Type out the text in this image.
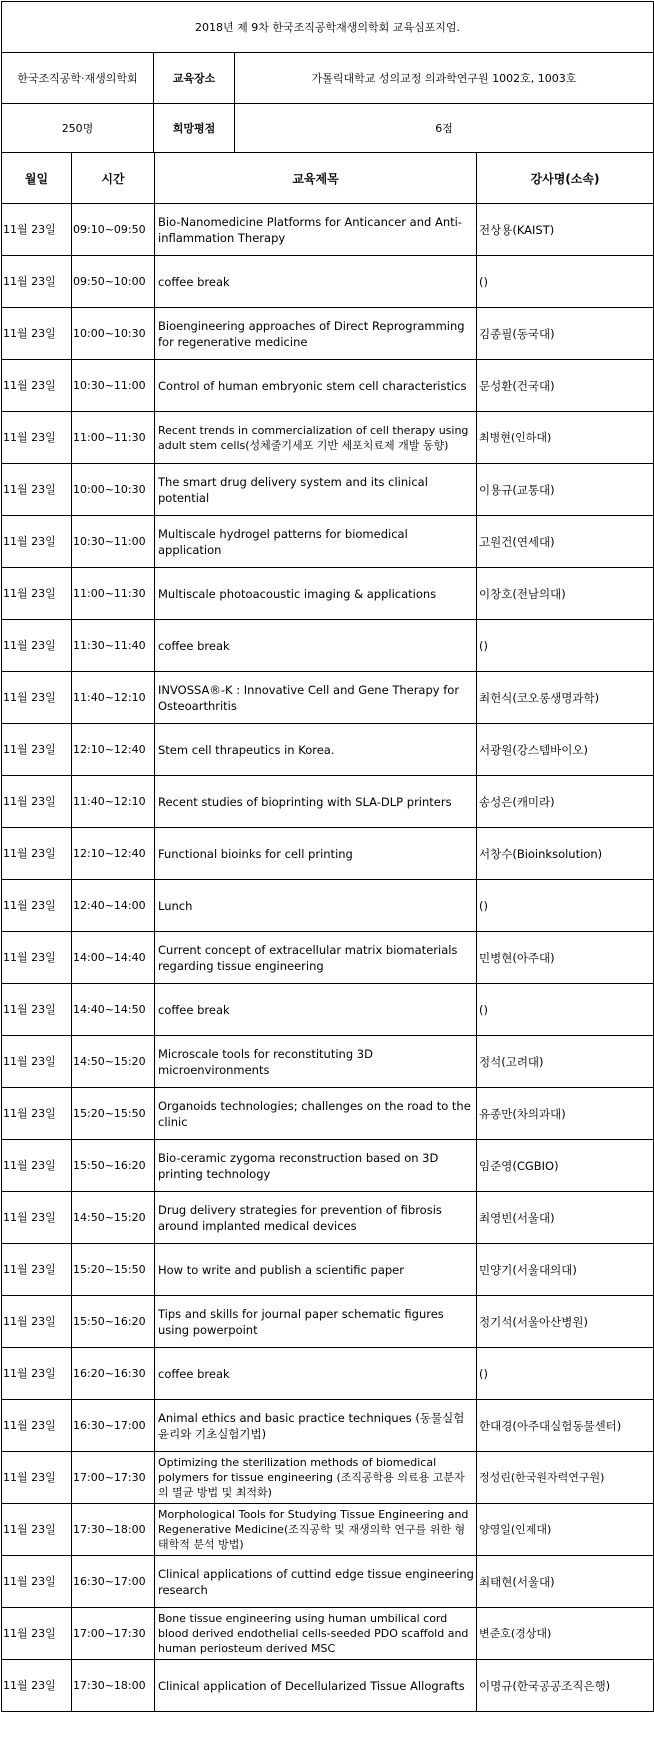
2018년 제 9차 한국조직공학재생의학회 교육심포지엄.
한국조직공학·재생의학회	교육장소	가톨릭대학교 성의교정 의과학연구원 1002호, 1003호
250명	희망평점	6점
월일	시간	교육제목	강사명(소속)
11월 23일	09:10~09:50	Bio-Nanomedicine Platforms for Anticancer and Anti-inflammation Therapy	전상용(KAIST)
11월 23일	09:50~10:00	coffee break	()
11월 23일	10:00~10:30	Bioengineering approaches of Direct Reprogramming for regenerative medicine	김종필(동국대)
11월 23일	10:30~11:00	Control of human embryonic stem cell characteristics	문성환(건국대)
11월 23일	11:00~11:30	Recent trends in commercialization of cell therapy using adult stem cells(성체줄기세포 기반 세포치료제 개발 동향)	최병현(인하대)
11월 23일	10:00~10:30	The smart drug delivery system and its clinical potential	이용규(교통대)
11월 23일	10:30~11:00	Multiscale hydrogel patterns for biomedical application	고원건(연세대)
11월 23일	11:00~11:30	Multiscale photoacoustic imaging & applications	이창호(전남의대)
11월 23일	11:30~11:40	coffee break	()
11월 23일	11:40~12:10	INVOSSA®-K : Innovative Cell and Gene Therapy for Osteoarthritis	최헌식(코오롱생명과학)
11월 23일	12:10~12:40	Stem cell thrapeutics in Korea.	서광원(강스템바이오)
11월 23일	11:40~12:10	Recent studies of bioprinting with SLA-DLP printers	송성은(캐미라)
11월 23일	12:10~12:40	Functional bioinks for cell printing	서창수(Bioinksolution)
11월 23일	12:40~14:00	Lunch	()
11월 23일	14:00~14:40	Current concept of extracellular matrix biomaterials regarding tissue engineering	민병현(아주대)
11월 23일	14:40~14:50	coffee break	()
11월 23일	14:50~15:20	Microscale tools for reconstituting 3D microenvironments	정석(고려대)
11월 23일	15:20~15:50	Organoids technologies; challenges on the road to the clinic	유종만(차의과대)
11월 23일	15:50~16:20	Bio-ceramic zygoma reconstruction based on 3D printing technology	임준영(CGBIO)
11월 23일	14:50~15:20	Drug delivery strategies for prevention of fibrosis around implanted medical devices	최영빈(서울대)
11월 23일	15:20~15:50	How to write and publish a scientific paper	민양기(서울대의대)
11월 23일	15:50~16:20	Tips and skills for journal paper schematic figures using powerpoint	정기석(서울아산병원)
11월 23일	16:20~16:30	coffee break	()
11월 23일	16:30~17:00	Animal ethics and basic practice techniques (동물실험 윤리와 기초실험기법)	한대경(아주대실험동물센터)
11월 23일	17:00~17:30	Optimizing the sterilization methods of biomedical polymers for tissue engineering (조직공학용 의료용 고분자의 멸균 방법 및 최적화)	정성린(한국원자력연구원)
11월 23일	17:30~18:00	Morphological Tools for Studying Tissue Engineering and Regenerative Medicine(조직공학 및 재생의학 연구를 위한 형태학적 분석 방법)	양영일(인제대)
11월 23일	16:30~17:00	Clinical applications of cuttind edge tissue engineering research	최태현(서울대)
11월 23일	17:00~17:30	Bone tissue engineering using human umbilical cord blood derived endothelial cells-seeded PDO scaffold and human periosteum derived MSC	변준호(경상대)
11월 23일	17:30~18:00	Clinical application of Decellularized Tissue Allografts	이명규(한국공공조직은행)
